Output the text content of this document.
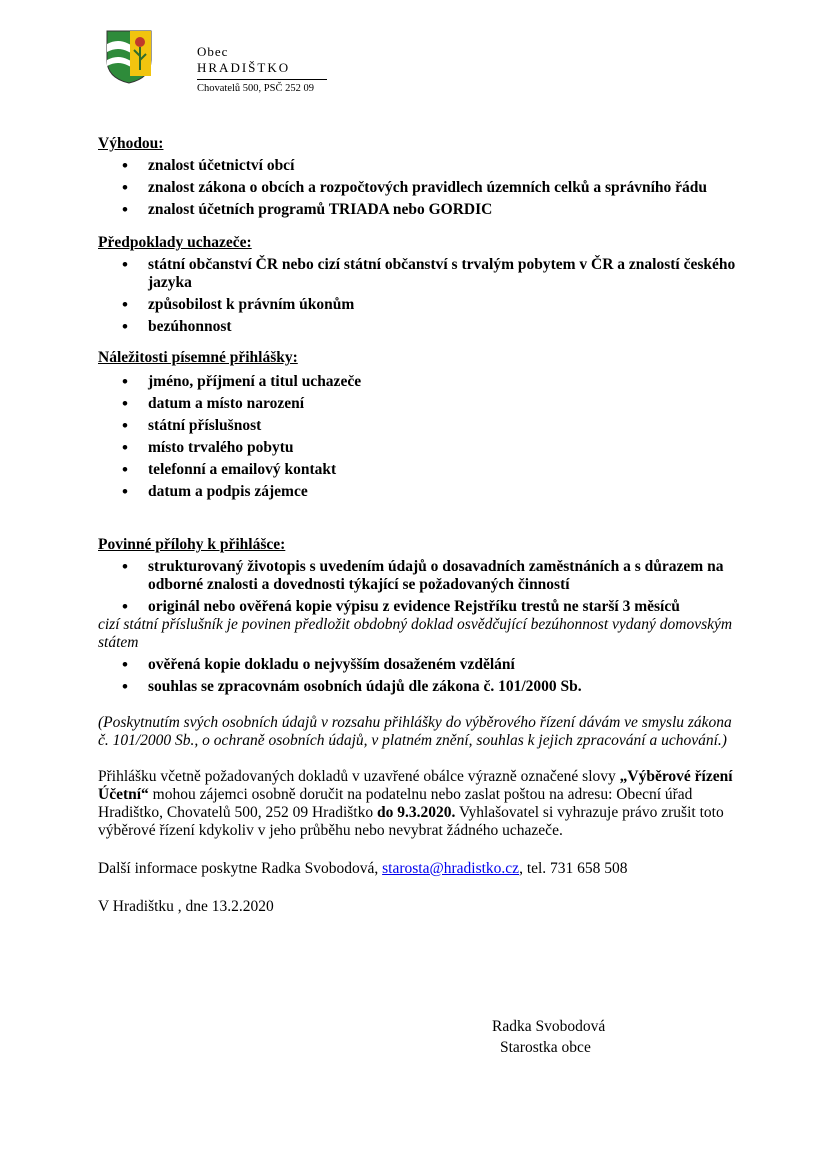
Obec
HRADIŠTKO
Chovatelů 500, PSČ 252 09

Výhodou:

• znalost účetnictví obcí
• znalost zákona o obcích a rozpočtových pravidlech územních celků a správního řádu
• znalost účetních programů TRIADA nebo GORDIC

Předpoklady uchazeče:

• státní občanství ČR nebo cizí státní občanství s trvalým pobytem v ČR a znalostí českého jazyka
• způsobilost k právním úkonům
• bezúhonnost

Náležitosti písemné přihlášky:

• jméno, příjmení a titul uchazeče
• datum a místo narození
• státní příslušnost
• místo trvalého pobytu
• telefonní a emailový kontakt
• datum a podpis zájemce

Povinné přílohy k přihlášce:

• strukturovaný životopis s uvedením údajů o dosavadních zaměstnáních a s důrazem na odborné znalosti a dovednosti týkající se požadovaných činností
• originál nebo ověřená kopie výpisu z evidence Rejstříku trestů ne starší 3 měsíců

cizí státní příslušník je povinen předložit obdobný doklad osvědčující bezúhonnost vydaný domovským státem

• ověřená kopie dokladu o nejvyšším dosaženém vzdělání
• souhlas se zpracovnám osobních údajů dle zákona č. 101/2000 Sb.

(Poskytnutím svých osobních údajů v rozsahu přihlášky do výběrového řízení dávám ve smyslu zákona č. 101/2000 Sb., o ochraně osobních údajů, v platném znění, souhlas k jejich zpracování a uchování.)

Přihlášku včetně požadovaných dokladů v uzavřené obálce výrazně označené slovy „Výběrové řízení Účetní“ mohou zájemci osobně doručit na podatelnu nebo zaslat poštou na adresu: Obecní úřad Hradištko, Chovatelů 500, 252 09 Hradištko do 9.3.2020. Vyhlašovatel si vyhrazuje právo zrušit toto výběrové řízení kdykoliv v jeho průběhu nebo nevybrat žádného uchazeče.

Další informace poskytne Radka Svobodová, starosta@hradistko.cz, tel. 731 658 508

V Hradištku , dne 13.2.2020

Radka Svobodová
Starostka obce
